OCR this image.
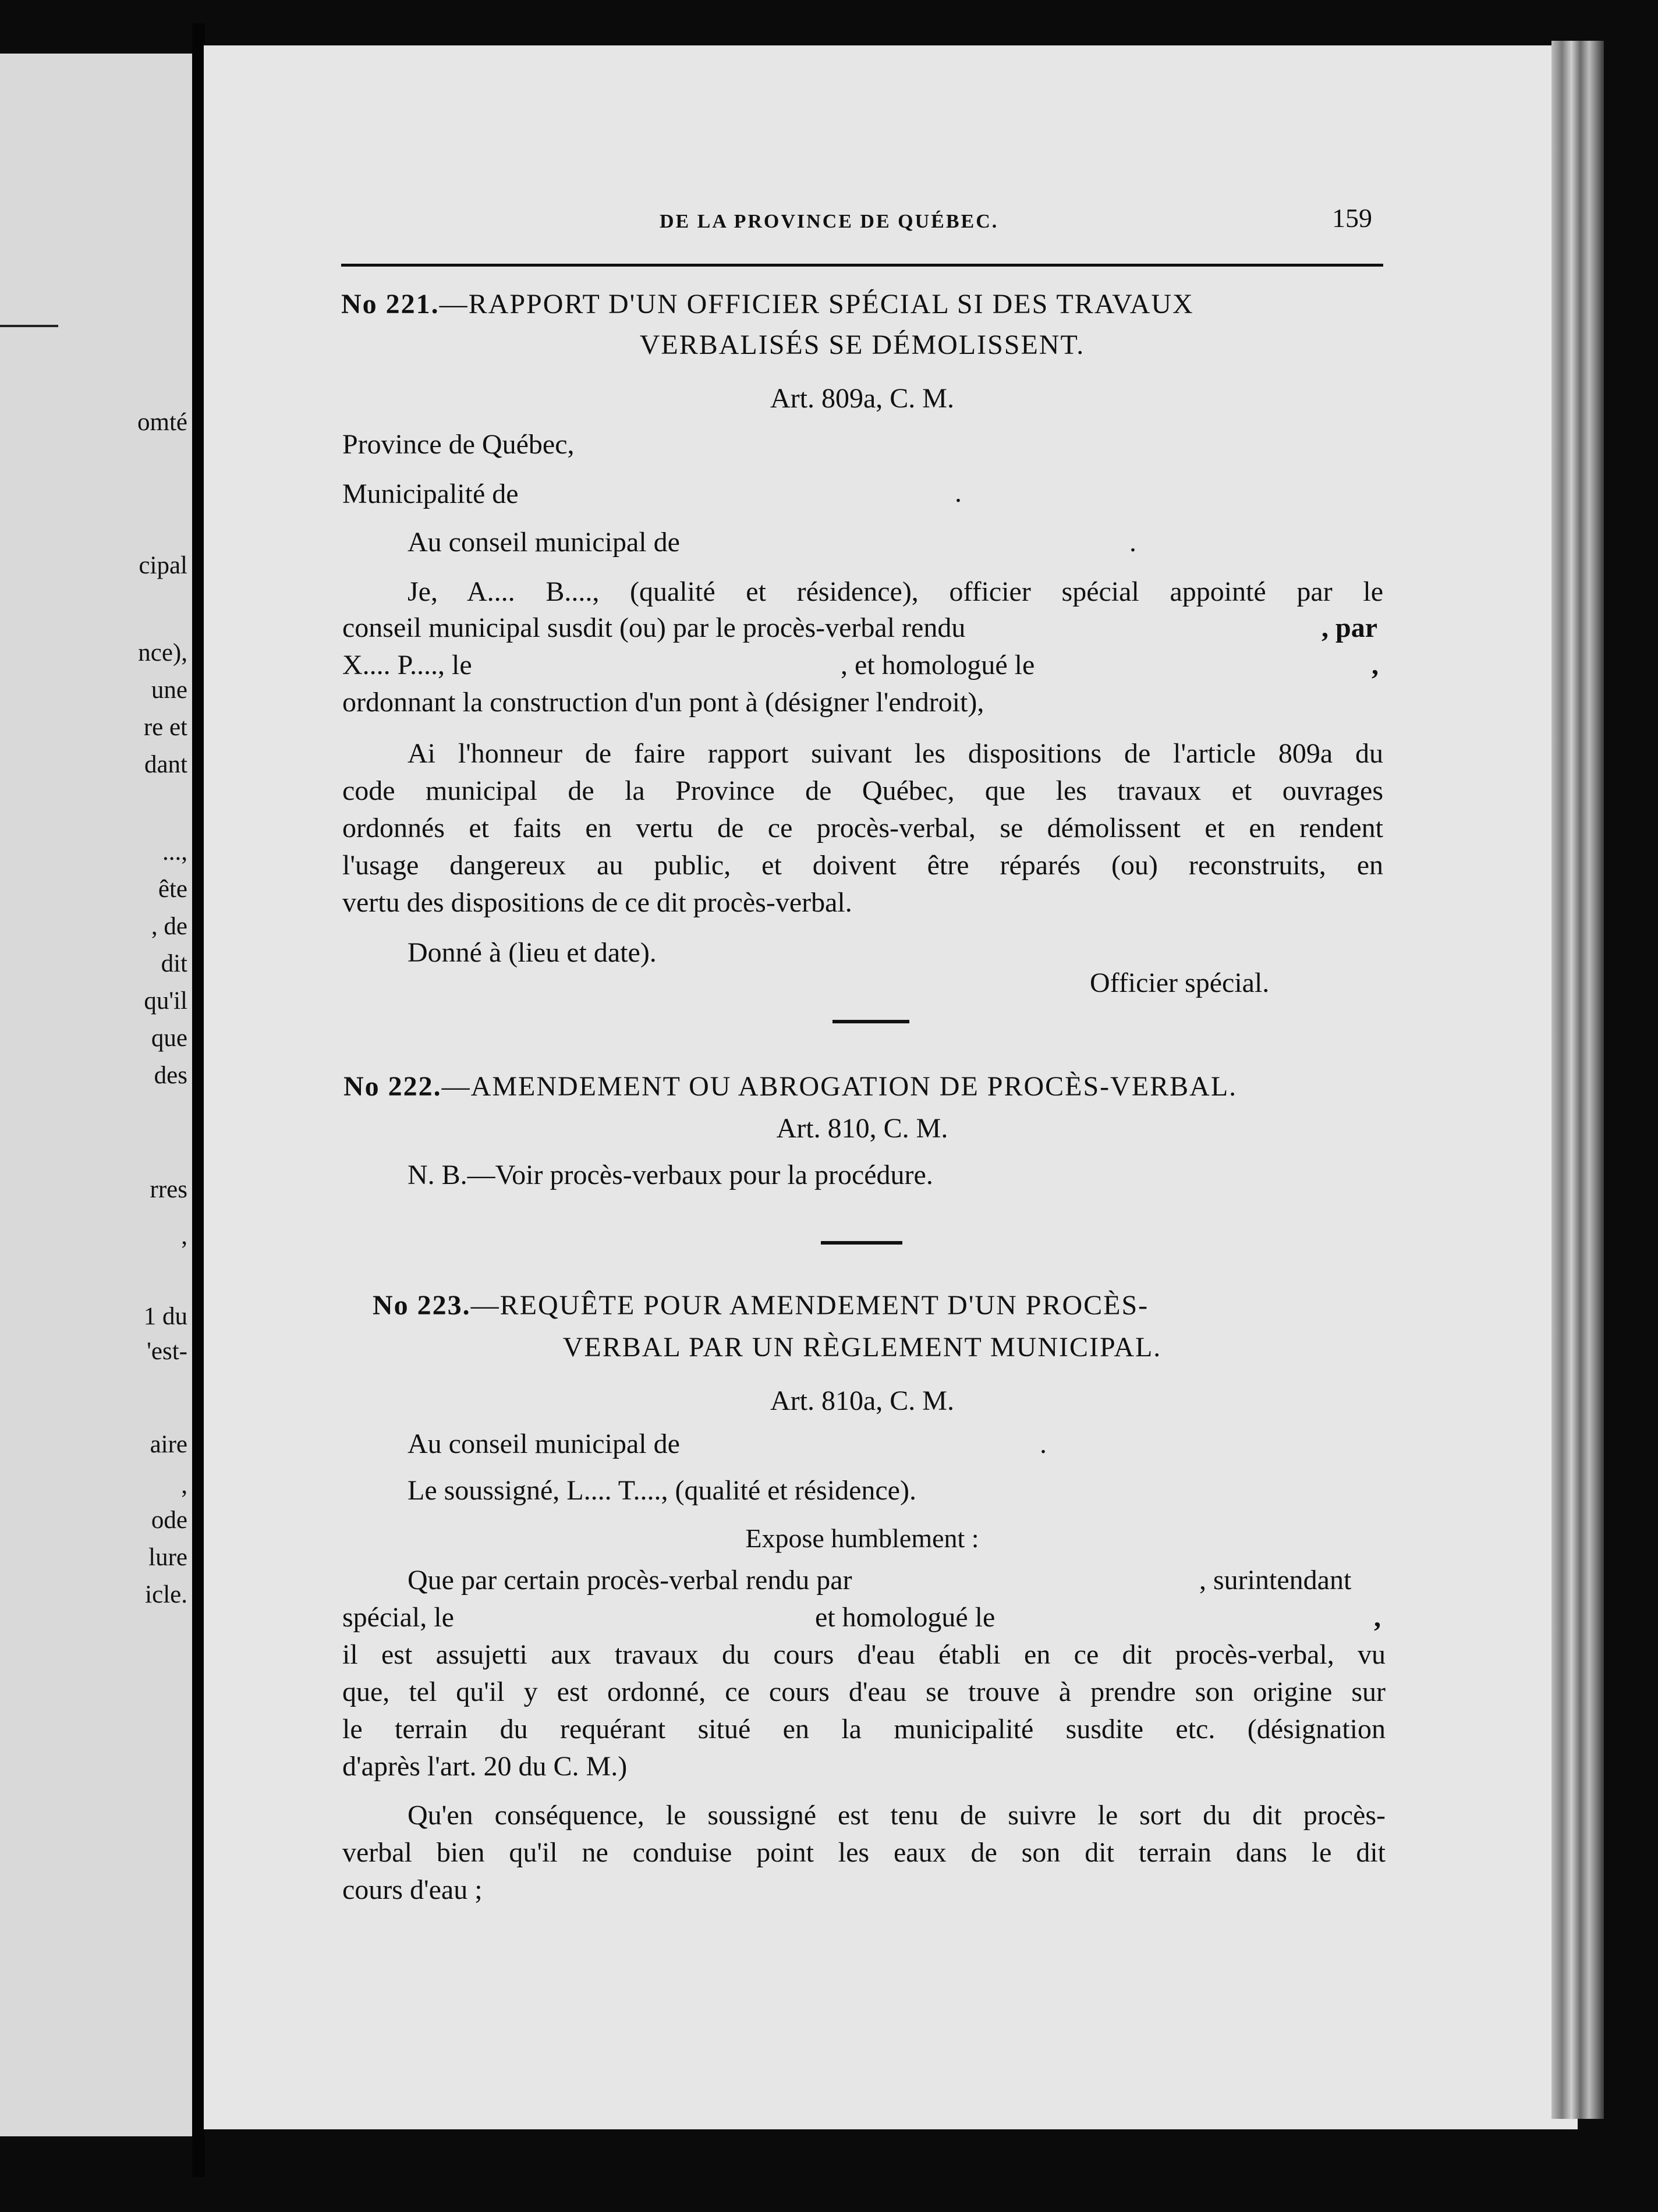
omté
cipal
nce),
une
re et
dant
...,
ête
, de
dit
qu'il
que
des
rres
,
1 du
'est-
aire
,
ode
lure
icle.
DE LA PROVINCE DE QUÉBEC.	159
No 221.—RAPPORT D'UN OFFICIER SPÉCIAL SI DES TRAVAUX
VERBALISÉS SE DÉMOLISSENT.
Art. 809a, C. M.
Province de Québec,
Municipalité de	.
Au conseil municipal de	.
Je, A.... B...., (qualité et résidence), officier spécial appointé par le
conseil municipal susdit (ou) par le procès-verbal rendu	, par
X.... P...., le	, et homologué le	,
ordonnant la construction d'un pont à (désigner l'endroit),
Ai l'honneur de faire rapport suivant les dispositions de l'article 809a du
code municipal de la Province de Québec, que les travaux et ouvrages
ordonnés et faits en vertu de ce procès-verbal, se démolissent et en rendent
l'usage dangereux au public, et doivent être réparés (ou) reconstruits, en
vertu des dispositions de ce dit procès-verbal.
Donné à (lieu et date).
Officier spécial.
No 222.—AMENDEMENT OU ABROGATION DE PROCÈS-VERBAL.
Art. 810, C. M.
N. B.—Voir procès-verbaux pour la procédure.
No 223.—REQUÊTE POUR AMENDEMENT D'UN PROCÈS-
VERBAL PAR UN RÈGLEMENT MUNICIPAL.
Art. 810a, C. M.
Au conseil municipal de	.
Le soussigné, L.... T...., (qualité et résidence).
Expose humblement :
Que par certain procès-verbal rendu par	, surintendant
spécial, le	et homologué le	,
il est assujetti aux travaux du cours d'eau établi en ce dit procès-verbal, vu
que, tel qu'il y est ordonné, ce cours d'eau se trouve à prendre son origine sur
le terrain du requérant situé en la municipalité susdite etc. (désignation
d'après l'art. 20 du C. M.)
Qu'en conséquence, le soussigné est tenu de suivre le sort du dit procès-
verbal bien qu'il ne conduise point les eaux de son dit terrain dans le dit
cours d'eau ;
